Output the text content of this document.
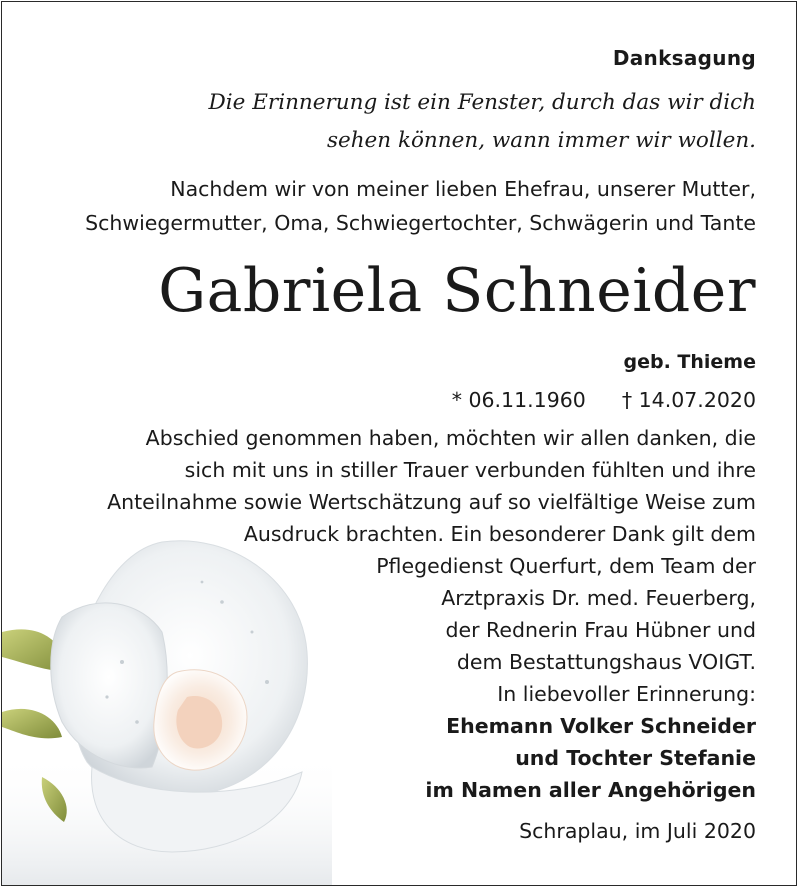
Danksagung

Die Erinnerung ist ein Fenster, durch das wir dich

sehen können, wann immer wir wollen.

Nachdem wir von meiner lieben Ehefrau, unserer Mutter,

Schwiegermutter, Oma, Schwiegertochter, Schwägerin und Tante

Gabriela Schneider

geb. Thieme

* 06.11.1960 † 14.07.2020

Abschied genommen haben, möchten wir allen danken, die

sich mit uns in stiller Trauer verbunden fühlten und ihre

Anteilnahme sowie Wertschätzung auf so vielfältige Weise zum

Ausdruck brachten. Ein besonderer Dank gilt dem

Pflegedienst Querfurt, dem Team der

Arztpraxis Dr. med. Feuerberg,

der Rednerin Frau Hübner und

dem Bestattungshaus VOIGT.

In liebevoller Erinnerung:

Ehemann Volker Schneider

und Tochter Stefanie

im Namen aller Angehörigen

Schraplau, im Juli 2020
